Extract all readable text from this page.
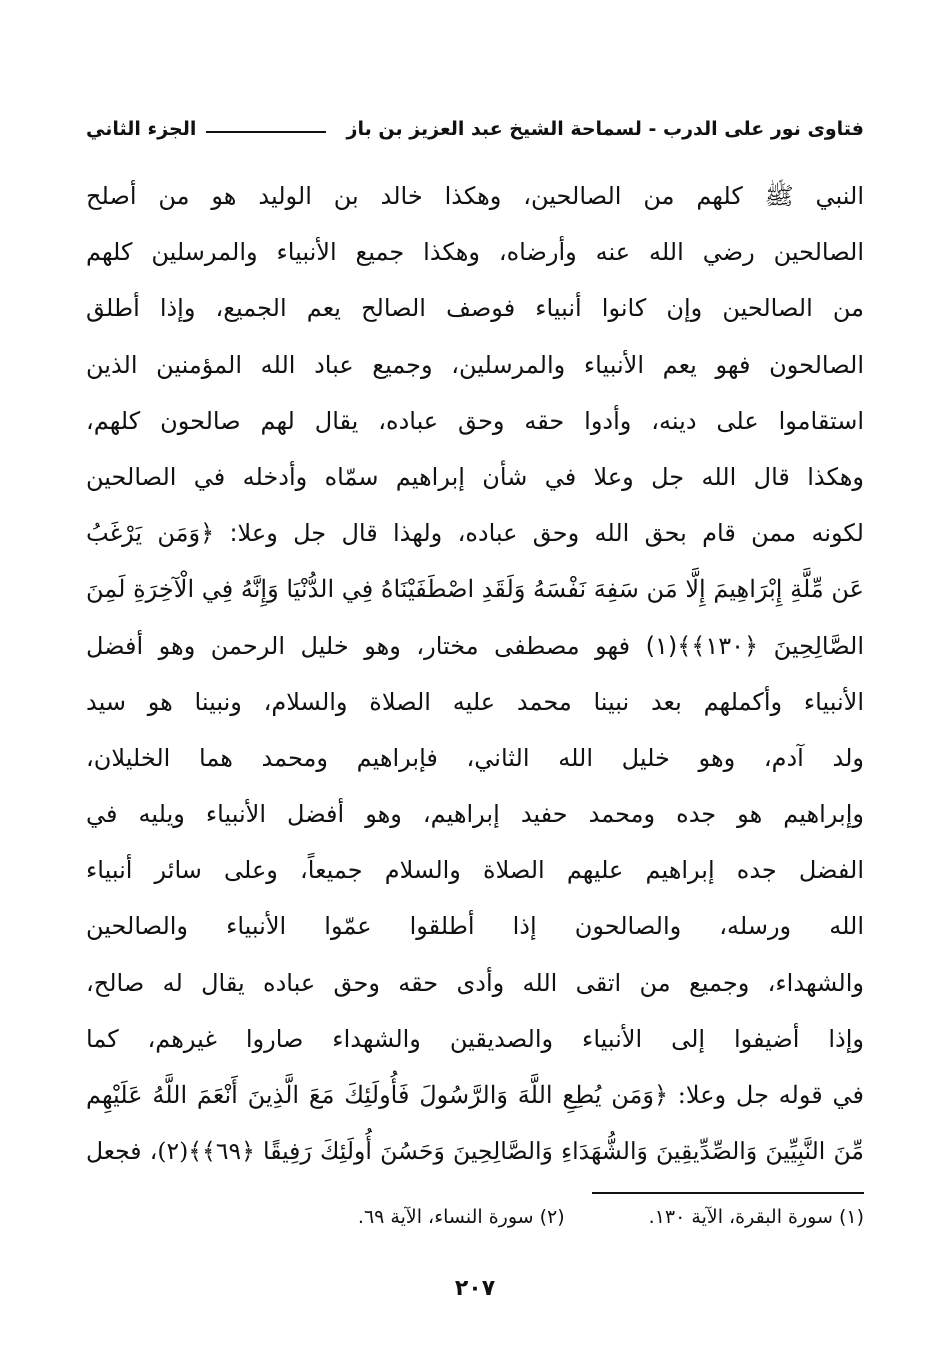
فتاوى نور على الدرب - لسماحة الشيخ عبد العزيز بن باز
الجزء الثاني
النبي ﷺ كلهم من الصالحين، وهكذا خالد بن الوليد هو من أصلح
الصالحين رضي الله عنه وأرضاه، وهكذا جميع الأنبياء والمرسلين كلهم
من الصالحين وإن كانوا أنبياء فوصف الصالح يعم الجميع، وإذا أطلق
الصالحون فهو يعم الأنبياء والمرسلين، وجميع عباد الله المؤمنين الذين
استقاموا على دينه، وأدوا حقه وحق عباده، يقال لهم صالحون كلهم،
وهكذا قال الله جل وعلا في شأن إبراهيم سمّاه وأدخله في الصالحين
لكونه ممن قام بحق الله وحق عباده، ولهذا قال جل وعلا: ﴿وَمَن يَرْغَبُ
عَن مِّلَّةِ إِبْرَاهِيمَ إِلَّا مَن سَفِهَ نَفْسَهُ وَلَقَدِ اصْطَفَيْنَاهُ فِي الدُّنْيَا وَإِنَّهُ فِي الْآخِرَةِ لَمِنَ
الصَّالِحِينَ ﴿١٣٠﴾﴾(١) فهو مصطفى مختار، وهو خليل الرحمن وهو أفضل
الأنبياء وأكملهم بعد نبينا محمد عليه الصلاة والسلام، ونبينا هو سيد
ولد آدم، وهو خليل الله الثاني، فإبراهيم ومحمد هما الخليلان،
وإبراهيم هو جده ومحمد حفيد إبراهيم، وهو أفضل الأنبياء ويليه في
الفضل جده إبراهيم عليهم الصلاة والسلام جميعاً، وعلى سائر أنبياء
الله ورسله، والصالحون إذا أطلقوا عمّوا الأنبياء والصالحين
والشهداء، وجميع من اتقى الله وأدى حقه وحق عباده يقال له صالح،
وإذا أضيفوا إلى الأنبياء والصديقين والشهداء صاروا غيرهم، كما
في قوله جل وعلا: ﴿وَمَن يُطِعِ اللَّهَ وَالرَّسُولَ فَأُولَئِكَ مَعَ الَّذِينَ أَنْعَمَ اللَّهُ عَلَيْهِم
مِّنَ النَّبِيِّينَ وَالصِّدِّيقِينَ وَالشُّهَدَاءِ وَالصَّالِحِينَ وَحَسُنَ أُولَئِكَ رَفِيقًا ﴿٦٩﴾﴾(٢)، فجعل
(١) سورة البقرة، الآية ١٣٠.
(٢) سورة النساء، الآية ٦٩.
٢٠٧
